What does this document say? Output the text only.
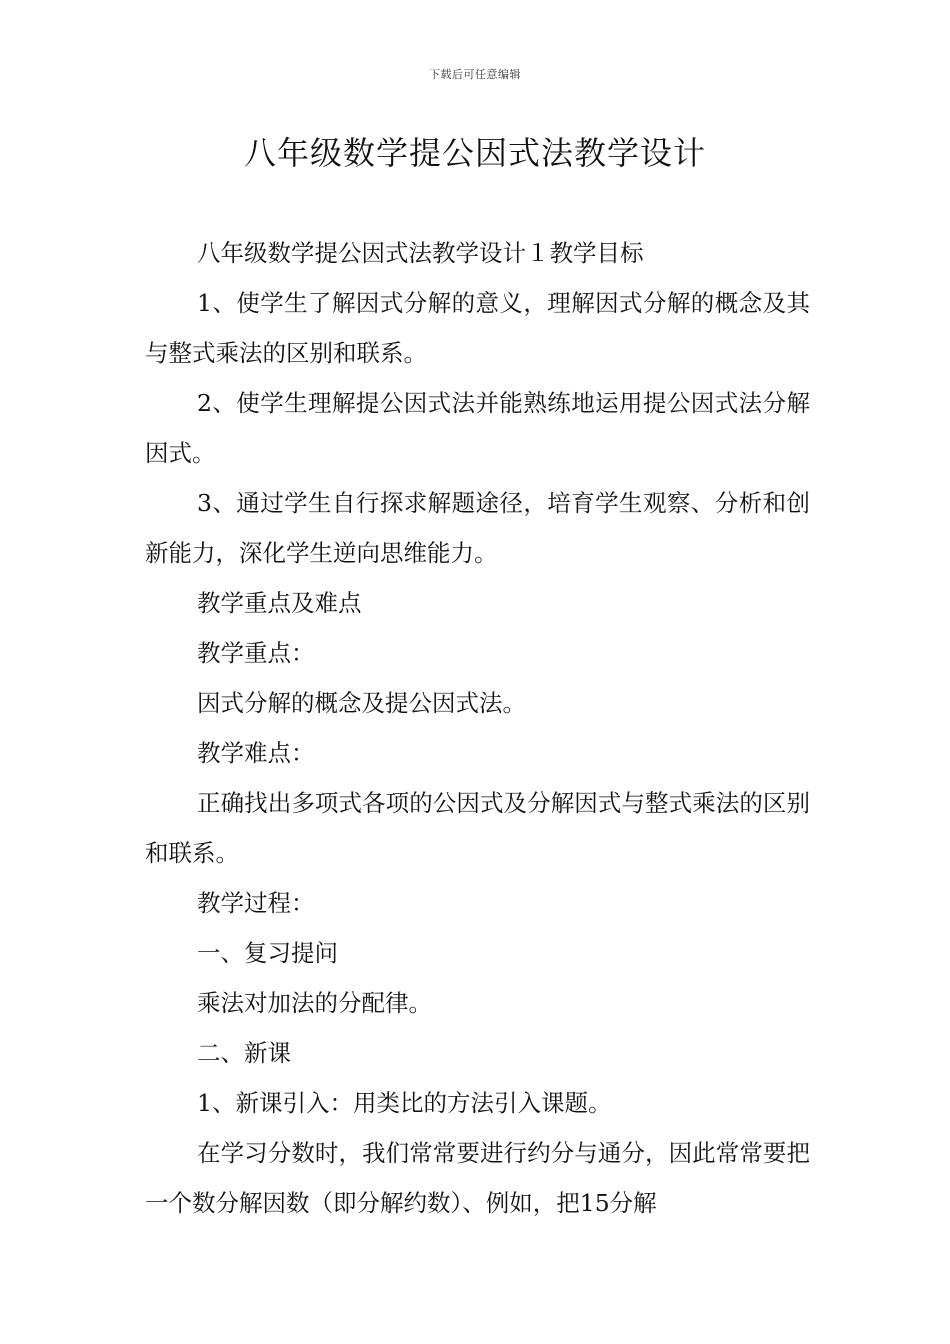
下载后可任意编辑
八年级数学提公因式法教学设计

八年级数学提公因式法教学设计１教学目标

1、使学生了解因式分解的意义，理解因式分解的概念及其与整式乘法的区别和联系。

2、使学生理解提公因式法并能熟练地运用提公因式法分解因式。

3、通过学生自行探求解题途径，培育学生观察、分析和创新能力，深化学生逆向思维能力。

教学重点及难点

教学重点：

因式分解的概念及提公因式法。

教学难点：

正确找出多项式各项的公因式及分解因式与整式乘法的区别和联系。

教学过程：

一、复习提问

乘法对加法的分配律。

二、新课

1、新课引入：用类比的方法引入课题。

在学习分数时，我们常常要进行约分与通分，因此常常要把一个数分解因数（即分解约数）、例如，把15分解
